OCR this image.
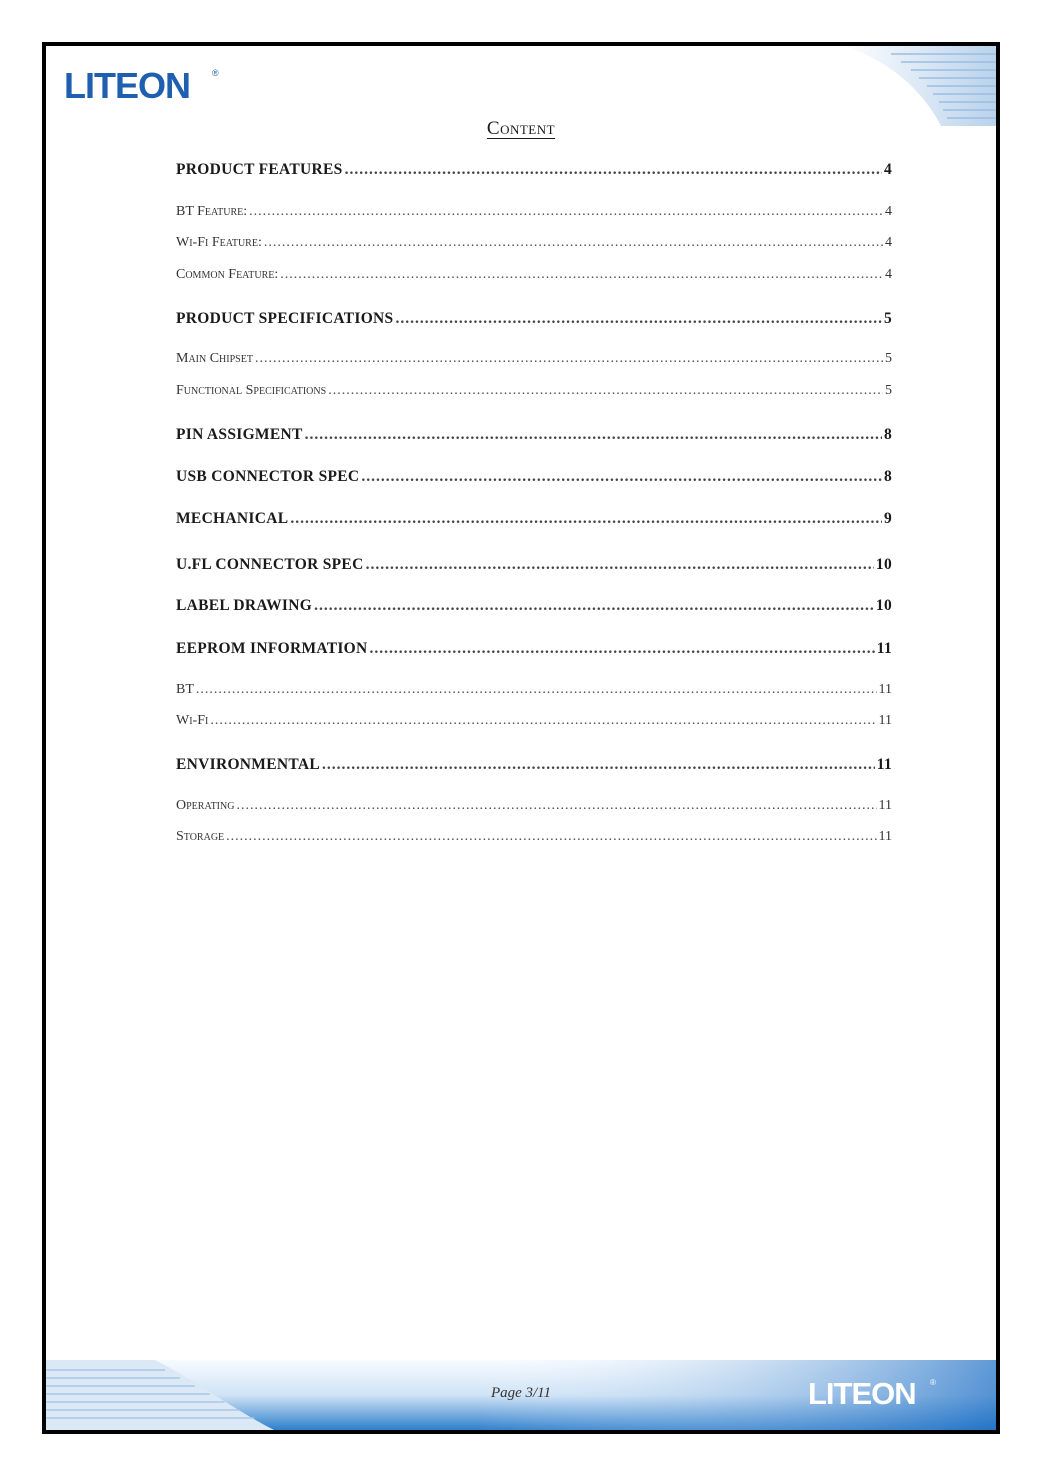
LITEON ®
Content
PRODUCT FEATURES .....	4
BT Feature: .....	4
Wi-Fi Feature: .....	4
Common Feature: .....	4
PRODUCT SPECIFICATIONS .....	5
Main Chipset .....	5
Functional Specifications .....	5
PIN ASSIGMENT .....	8
USB CONNECTOR SPEC .....	8
MECHANICAL .....	9
U.FL CONNECTOR SPEC .....	10
LABEL DRAWING .....	10
EEPROM INFORMATION .....	11
BT .....	11
Wi-Fi .....	11
ENVIRONMENTAL .....	11
Operating .....	11
Storage .....	11
Page 3/11	LITEON ®
